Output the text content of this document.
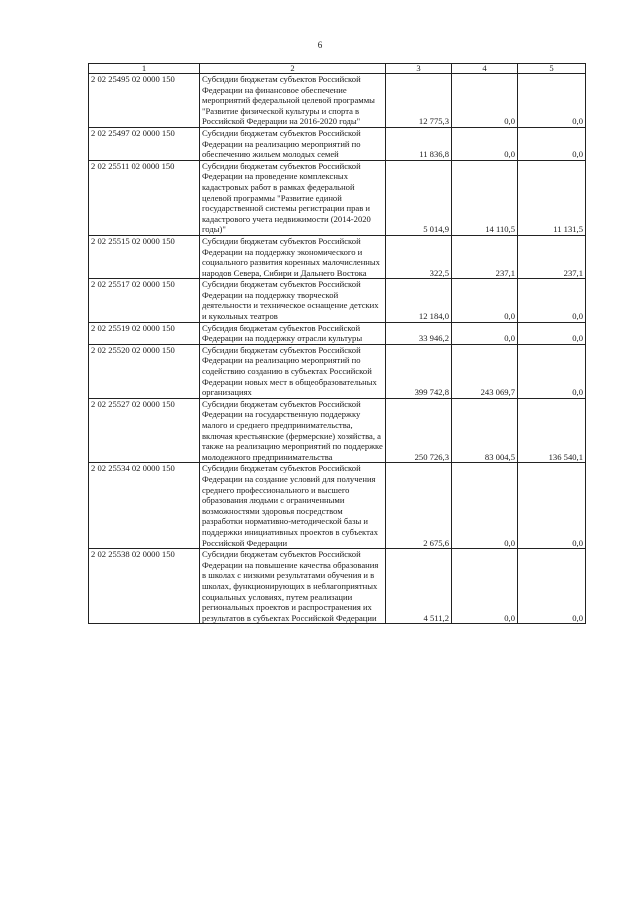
6
1	2	3	4	5
2 02 25495 02 0000 150	Субсидии бюджетам субъектов Российской Федерации на финансовое обеспечение мероприятий федеральной целевой программы "Развитие физической культуры и спорта в Российской Федерации на 2016-2020 годы"	12 775,3	0,0	0,0
2 02 25497 02 0000 150	Субсидии бюджетам субъектов Российской Федерации на реализацию мероприятий по обеспечению жильем молодых семей	11 836,8	0,0	0,0
2 02 25511 02 0000 150	Субсидии бюджетам субъектов Российской Федерации на проведение комплексных кадастровых работ в рамках федеральной целевой программы "Развитие единой государственной системы регистрации прав и кадастрового учета недвижимости (2014-2020 годы)"	5 014,9	14 110,5	11 131,5
2 02 25515 02 0000 150	Субсидии бюджетам субъектов Российской Федерации на поддержку экономического и социального развития коренных малочисленных народов Севера, Сибири и Дальнего Востока	322,5	237,1	237,1
2 02 25517 02 0000 150	Субсидии бюджетам субъектов Российской Федерации на поддержку творческой деятельности и техническое оснащение детских и кукольных театров	12 184,0	0,0	0,0
2 02 25519 02 0000 150	Субсидия бюджетам субъектов Российской Федерации на поддержку отрасли культуры	33 946,2	0,0	0,0
2 02 25520 02 0000 150	Субсидии бюджетам субъектов Российской Федерации на реализацию мероприятий по содействию созданию в субъектах Российской Федерации новых мест в общеобразовательных организациях	399 742,8	243 069,7	0,0
2 02 25527 02 0000 150	Субсидии бюджетам субъектов Российской Федерации на государственную поддержку малого и среднего предпринимательства, включая крестьянские (фермерские) хозяйства, а также на реализацию мероприятий по поддержке молодежного предпринимательства	250 726,3	83 004,5	136 540,1
2 02 25534 02 0000 150	Субсидии бюджетам субъектов Российской Федерации на создание условий для получения среднего профессионального и высшего образования людьми с ограниченными возможностями здоровья посредством разработки нормативно-методической базы и поддержки инициативных проектов в субъектах Российской Федерации	2 675,6	0,0	0,0
2 02 25538 02 0000 150	Субсидии бюджетам субъектов Российской Федерации на повышение качества образования в школах с низкими результатами обучения и в школах, функционирующих в неблагоприятных социальных условиях, путем реализации региональных проектов и распространения их результатов в субъектах Российской Федерации	4 511,2	0,0	0,0
